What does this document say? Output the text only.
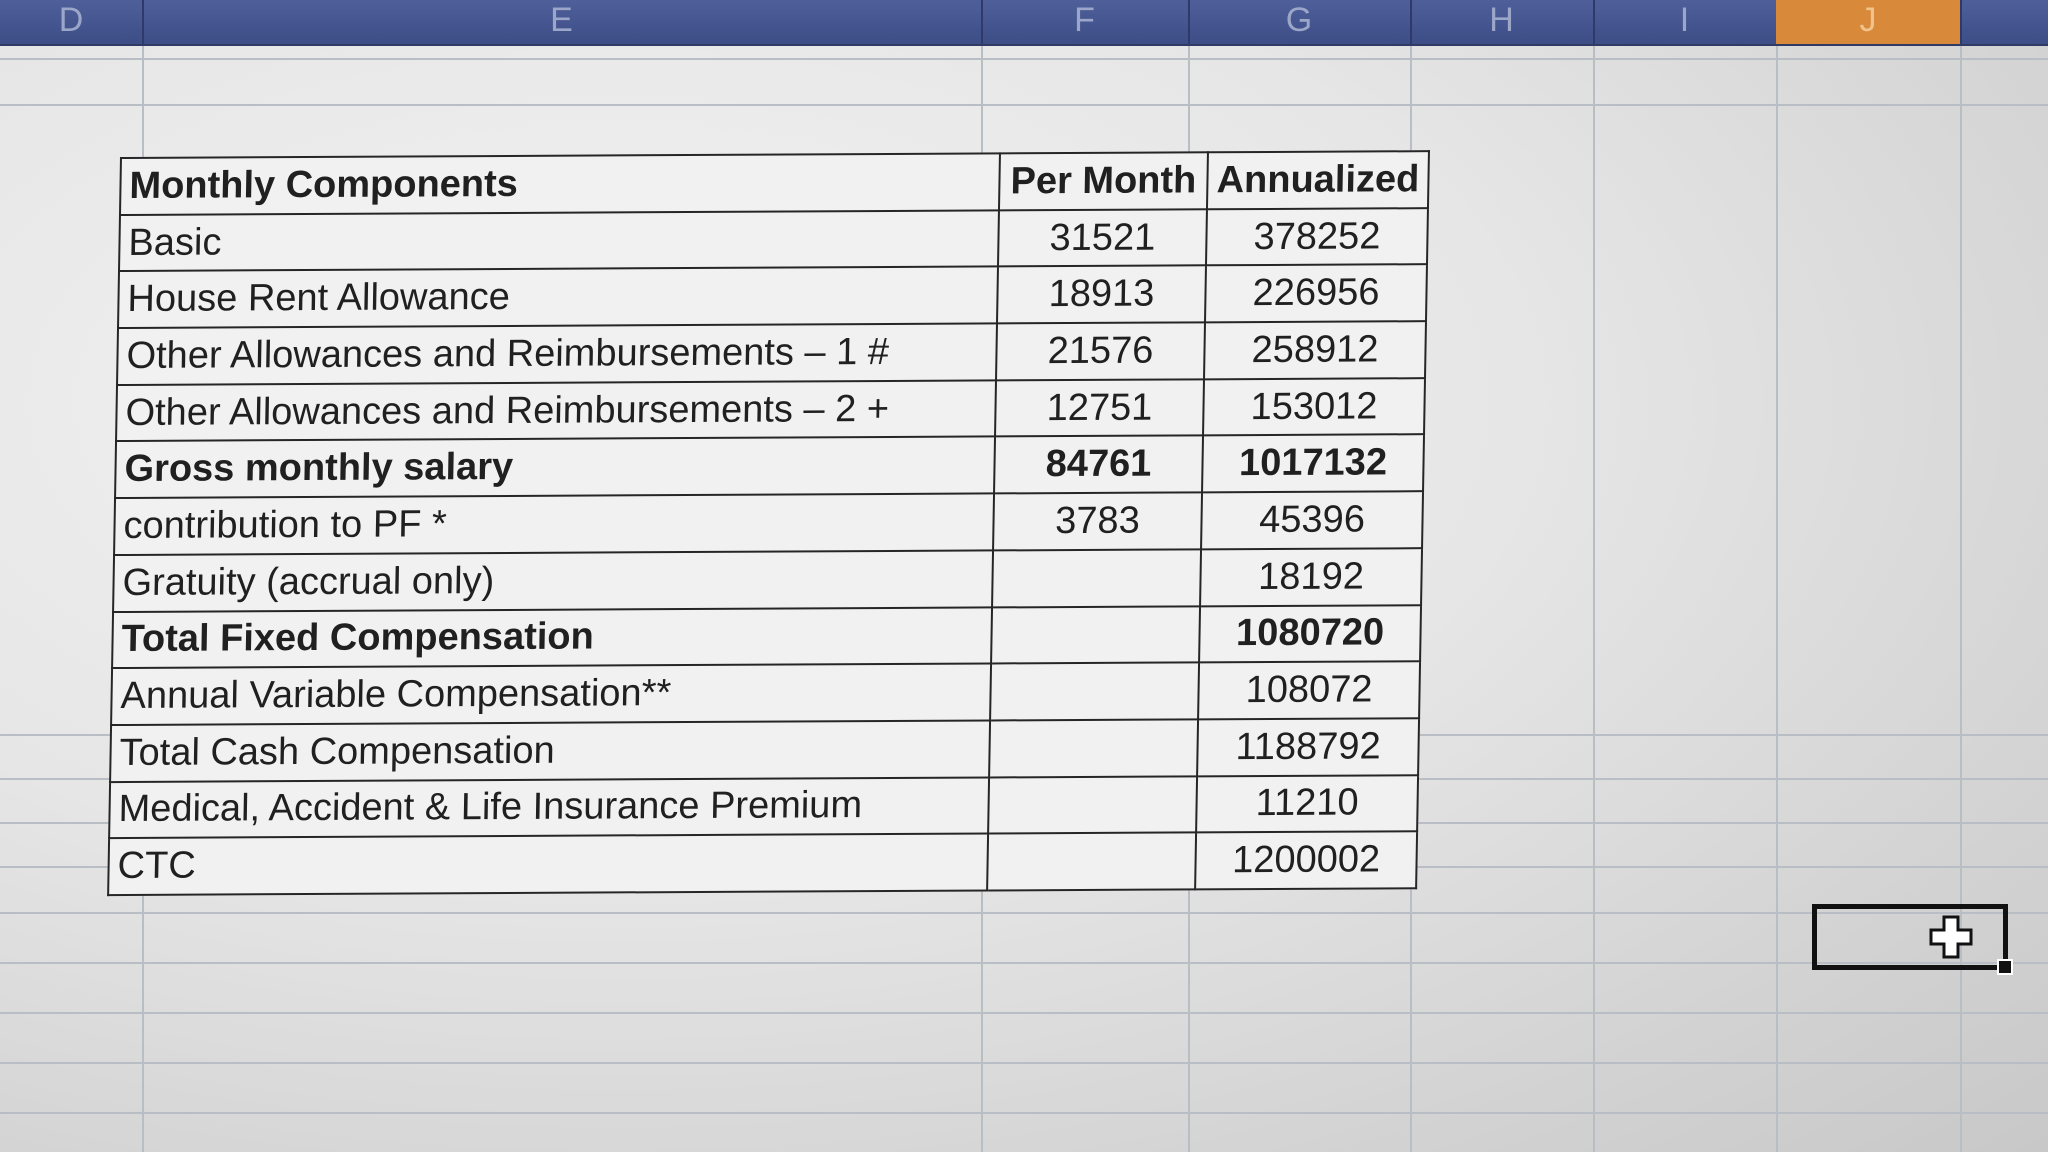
D	E	F	G	H	I	J
Monthly Components	Per Month	Annualized
Basic	31521	378252
House Rent Allowance	18913	226956
Other Allowances and Reimbursements – 1 #	21576	258912
Other Allowances and Reimbursements – 2 +	12751	153012
Gross monthly salary	84761	1017132
contribution to PF *	3783	45396
Gratuity (accrual only)		18192
Total Fixed Compensation		1080720
Annual Variable Compensation**		108072
Total Cash Compensation		1188792
Medical, Accident & Life Insurance Premium		11210
CTC		1200002
